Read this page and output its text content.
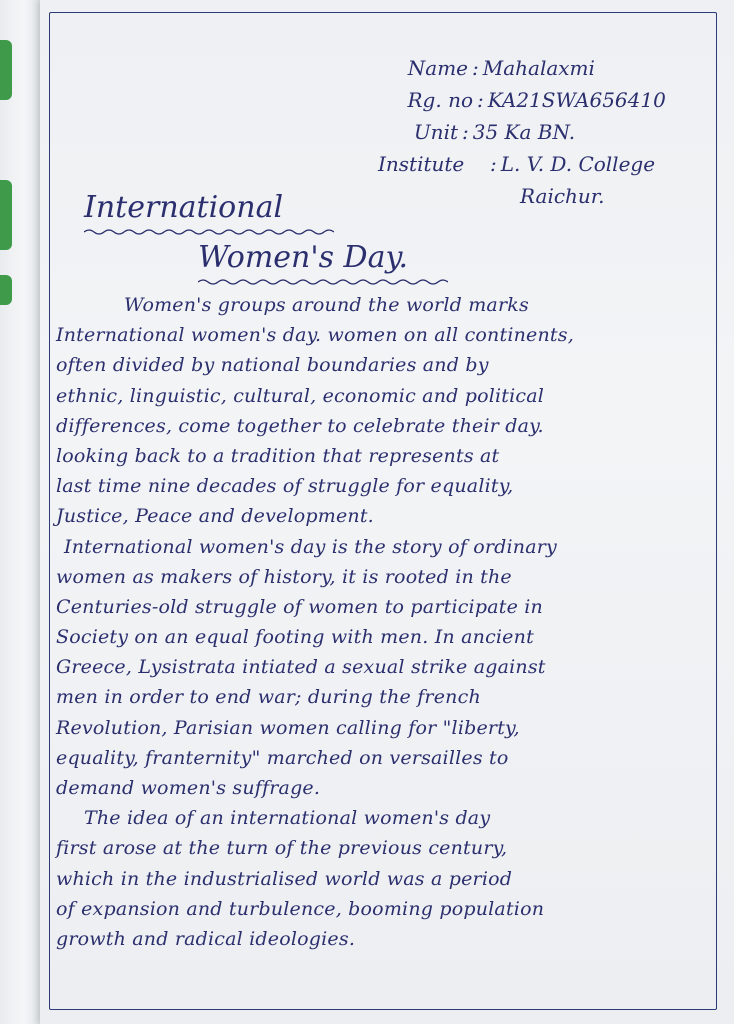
Name : Mahalaxmi
Rg. no : KA21SWA656410
Unit : 35 Ka BN.
Institute	: L. V. D. College
Raichur.
International
Women's Day.
Women's groups around the world marks
International women's day. women on all continents,
often divided by national boundaries and by
ethnic, linguistic, cultural, economic and political
differences, come together to celebrate their day.
looking back to a tradition that represents at
last time nine decades of struggle for equality,
Justice, Peace and development.
International women's day is the story of ordinary
women as makers of history, it is rooted in the
Centuries-old struggle of women to participate in
Society on an equal footing with men. In ancient
Greece, Lysistrata intiated a sexual strike against
men in order to end war; during the french
Revolution, Parisian women calling for "liberty,
equality, franternity" marched on versailles to
demand women's suffrage.
The idea of an international women's day
first arose at the turn of the previous century,
which in the industrialised world was a period
of expansion and turbulence, booming population
growth and radical ideologies.
